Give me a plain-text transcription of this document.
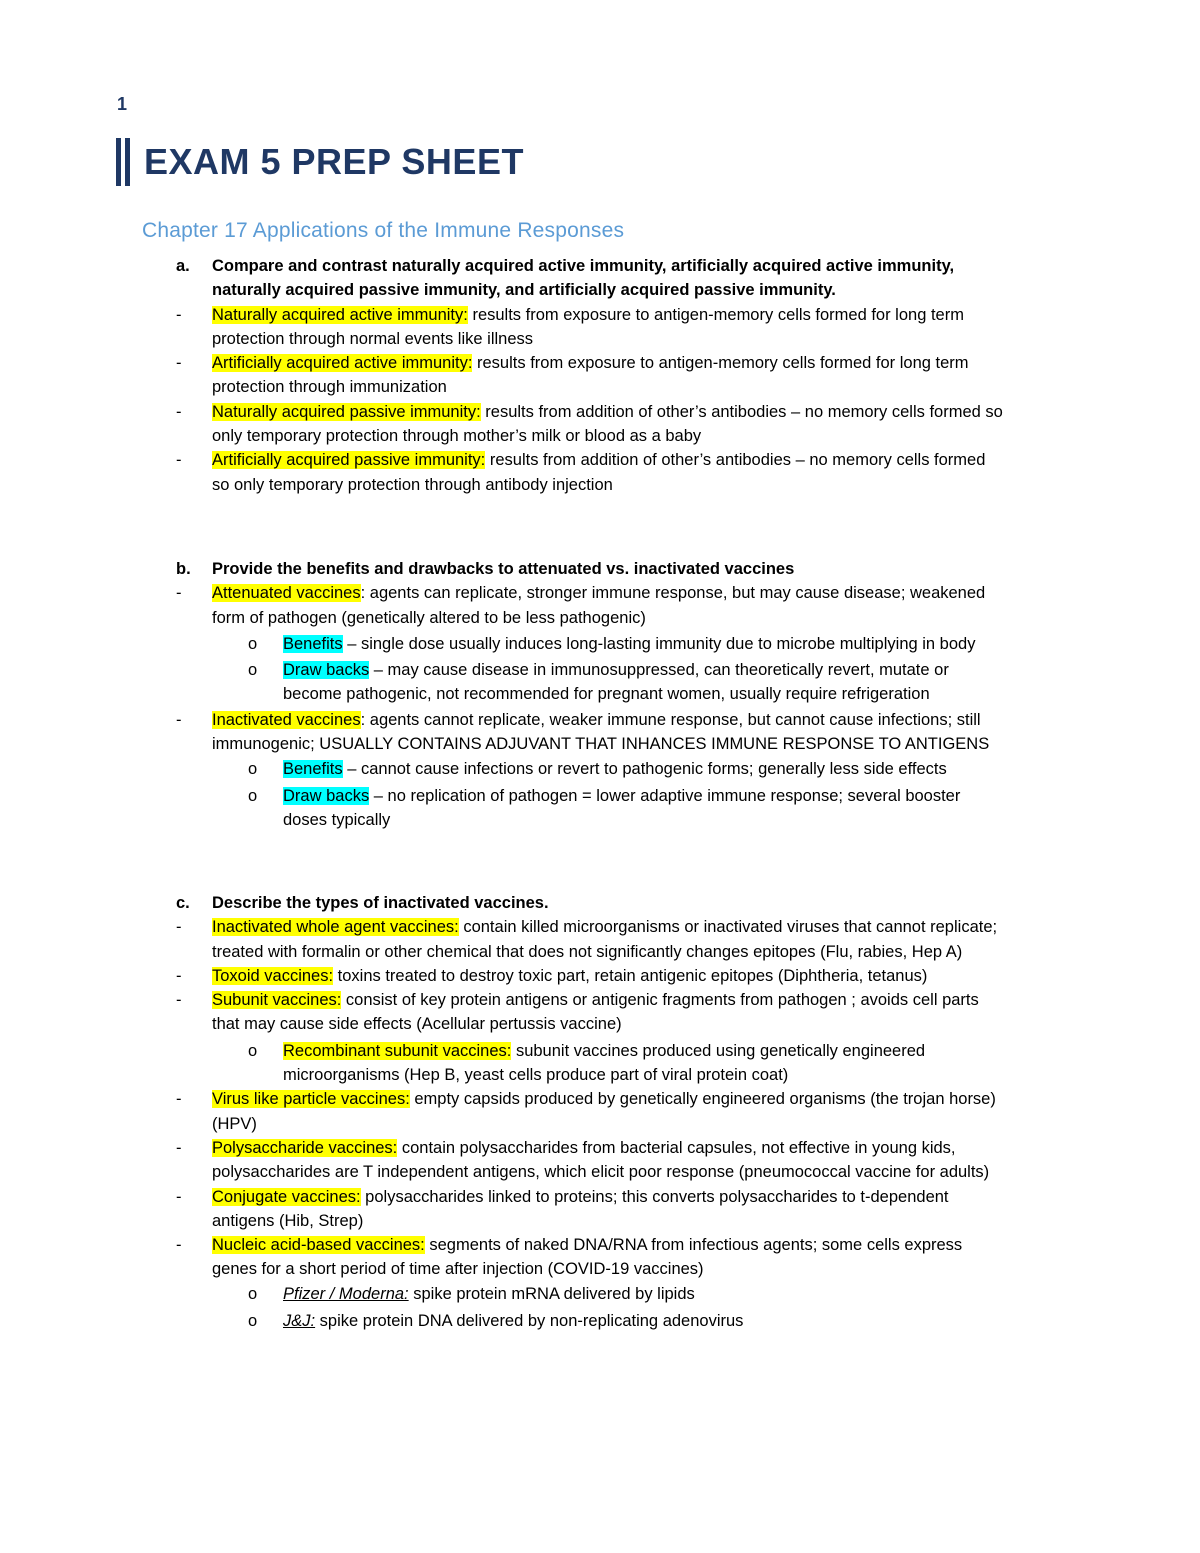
1
EXAM 5 PREP SHEET
Chapter 17 Applications of the Immune Responses
a. Compare and contrast naturally acquired active immunity, artificially acquired active immunity,
naturally acquired passive immunity, and artificially acquired passive immunity.
- Naturally acquired active immunity: results from exposure to antigen-memory cells formed for long term
protection through normal events like illness
- Artificially acquired active immunity: results from exposure to antigen-memory cells formed for long term
protection through immunization
- Naturally acquired passive immunity: results from addition of other’s antibodies – no memory cells formed so
only temporary protection through mother’s milk or blood as a baby
- Artificially acquired passive immunity: results from addition of other’s antibodies – no memory cells formed
so only temporary protection through antibody injection
b. Provide the benefits and drawbacks to attenuated vs. inactivated vaccines
- Attenuated vaccines: agents can replicate, stronger immune response, but may cause disease; weakened
form of pathogen (genetically altered to be less pathogenic)
o Benefits – single dose usually induces long-lasting immunity due to microbe multiplying in body
o Draw backs – may cause disease in immunosuppressed, can theoretically revert, mutate or
become pathogenic, not recommended for pregnant women, usually require refrigeration
- Inactivated vaccines: agents cannot replicate, weaker immune response, but cannot cause infections; still
immunogenic; USUALLY CONTAINS ADJUVANT THAT INHANCES IMMUNE RESPONSE TO ANTIGENS
o Benefits – cannot cause infections or revert to pathogenic forms; generally less side effects
o Draw backs – no replication of pathogen = lower adaptive immune response; several booster
doses typically
c. Describe the types of inactivated vaccines.
- Inactivated whole agent vaccines: contain killed microorganisms or inactivated viruses that cannot replicate;
treated with formalin or other chemical that does not significantly changes epitopes (Flu, rabies, Hep A)
- Toxoid vaccines: toxins treated to destroy toxic part, retain antigenic epitopes (Diphtheria, tetanus)
- Subunit vaccines: consist of key protein antigens or antigenic fragments from pathogen ; avoids cell parts
that may cause side effects (Acellular pertussis vaccine)
o Recombinant subunit vaccines: subunit vaccines produced using genetically engineered
microorganisms (Hep B, yeast cells produce part of viral protein coat)
- Virus like particle vaccines: empty capsids produced by genetically engineered organisms (the trojan horse)
(HPV)
- Polysaccharide vaccines: contain polysaccharides from bacterial capsules, not effective in young kids,
polysaccharides are T independent antigens, which elicit poor response (pneumococcal vaccine for adults)
- Conjugate vaccines: polysaccharides linked to proteins; this converts polysaccharides to t-dependent
antigens (Hib, Strep)
- Nucleic acid-based vaccines: segments of naked DNA/RNA from infectious agents; some cells express
genes for a short period of time after injection (COVID-19 vaccines)
o Pfizer / Moderna: spike protein mRNA delivered by lipids
o J&J: spike protein DNA delivered by non-replicating adenovirus
